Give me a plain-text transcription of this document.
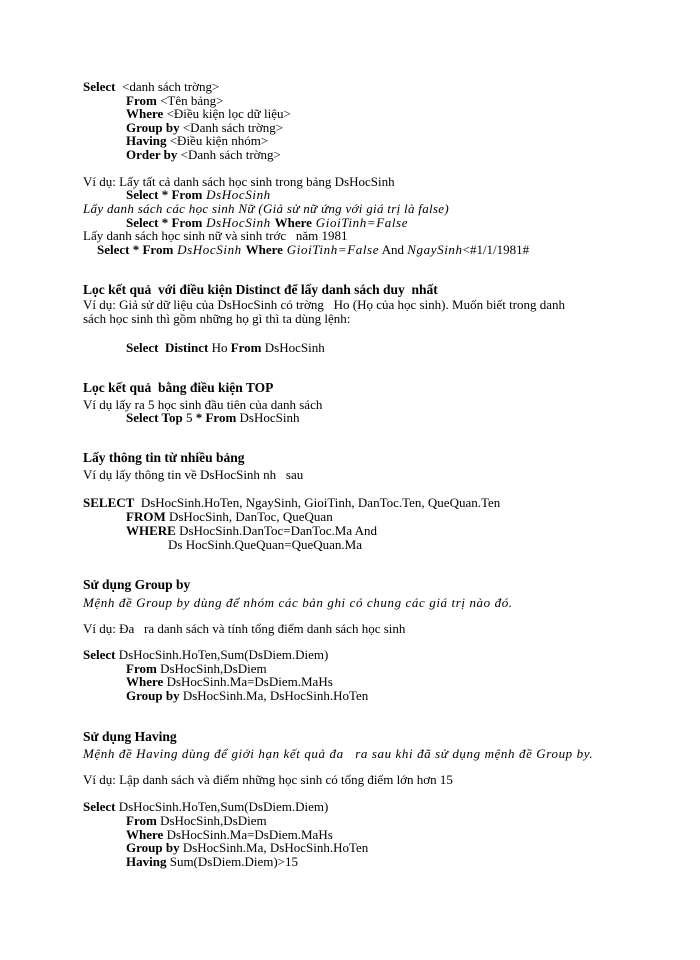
Select  <danh sách trờng>
From <Tên bảng>
Where <Điều kiện lọc dữ liệu>
Group by <Danh sách trờng>
Having <Điều kiện nhóm>
Order by <Danh sách trờng>
Ví dụ: Lấy tất cả danh sách học sinh trong bảng DsHocSinh
Select * From DsHocSinh
Lấy danh sách các học sinh Nữ (Giả sử nữ ứng với giá trị là false)
Select * From DsHocSinh Where GioiTinh=False
Lấy danh sách học sinh nữ và sinh trớc   năm 1981
Select * From DsHocSinh Where GioiTinh=False And NgaySinh<#1/1/1981#
Lọc kết quả  với điều kiện Distinct để lấy danh sách duy  nhất
Ví dụ: Giả sử dữ liệu của DsHocSinh có trờng   Ho (Họ của học sinh). Muốn biết trong danh
sách học sinh thì gồm những họ gì thì ta dùng lệnh:
Select  Distinct Ho From DsHocSinh
Lọc kết quả  bằng điều kiện TOP
Ví dụ lấy ra 5 học sinh đầu tiên của danh sách
Select Top 5 * From DsHocSinh
Lấy thông tin từ nhiều bảng
Ví dụ lấy thông tin về DsHocSinh nh   sau
SELECT  DsHocSinh.HoTen, NgaySinh, GioiTinh, DanToc.Ten, QueQuan.Ten
FROM DsHocSinh, DanToc, QueQuan
WHERE DsHocSinh.DanToc=DanToc.Ma And
Ds HocSinh.QueQuan=QueQuan.Ma
Sử dụng Group by
Mệnh đề Group by dùng để nhóm các bản ghi có chung các giá trị nào đó.
Ví dụ: Đa   ra danh sách và tính tổng điểm danh sách học sinh
Select DsHocSinh.HoTen,Sum(DsDiem.Diem)
From DsHocSinh,DsDiem
Where DsHocSinh.Ma=DsDiem.MaHs
Group by DsHocSinh.Ma, DsHocSinh.HoTen
Sử dụng Having
Mệnh đề Having dùng để giới hạn kết quả đa   ra sau khi đã sử dụng mệnh đề Group by.
Ví dụ: Lập danh sách và điểm những học sinh có tổng điểm lớn hơn 15
Select DsHocSinh.HoTen,Sum(DsDiem.Diem)
From DsHocSinh,DsDiem
Where DsHocSinh.Ma=DsDiem.MaHs
Group by DsHocSinh.Ma, DsHocSinh.HoTen
Having Sum(DsDiem.Diem)>15
